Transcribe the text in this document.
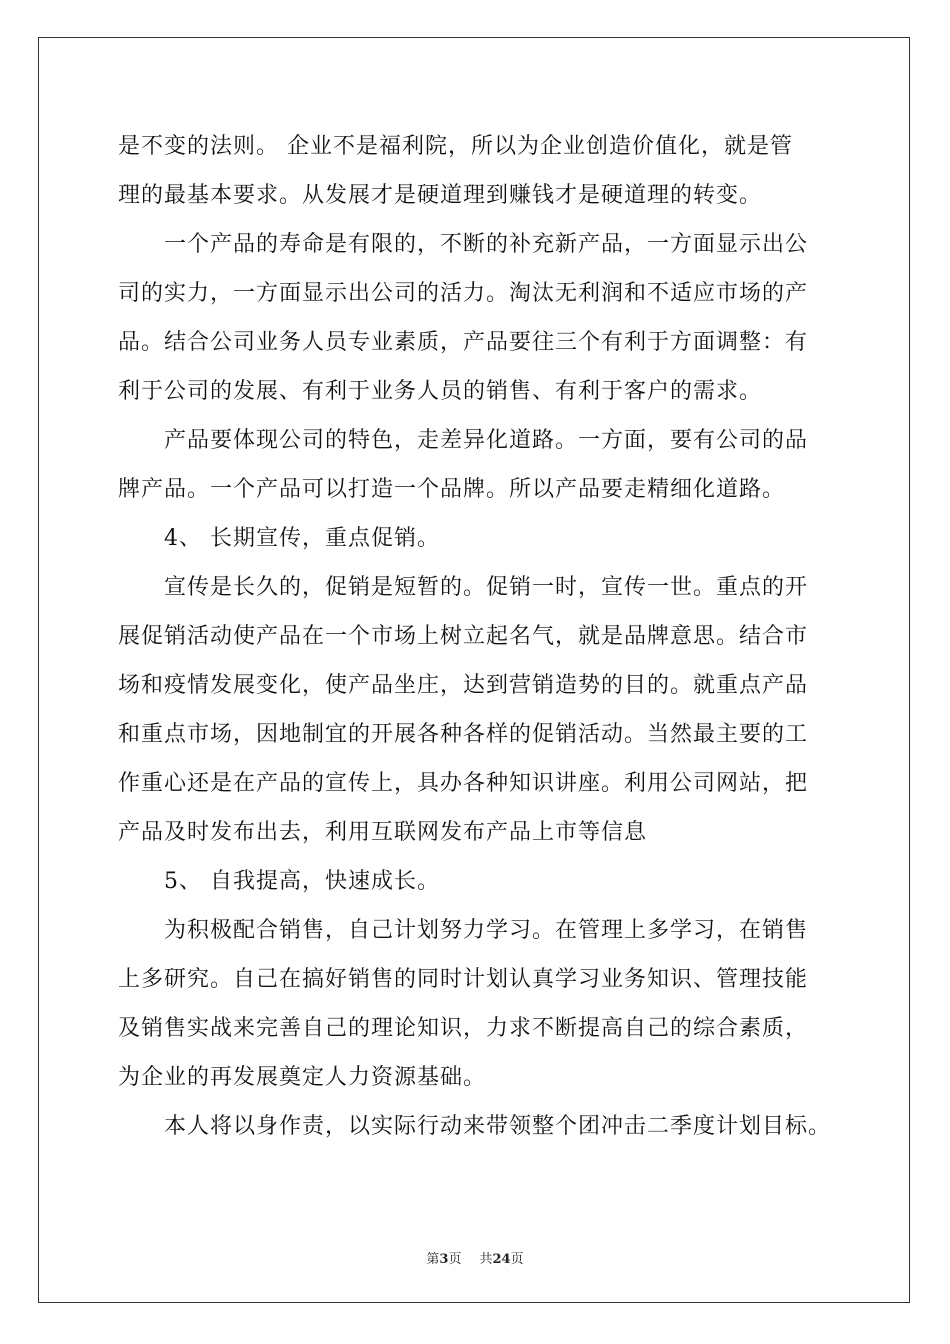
是不变的法则。 企业不是福利院，所以为企业创造价值化，就是管
理的最基本要求。从发展才是硬道理到赚钱才是硬道理的转变。
一个产品的寿命是有限的，不断的补充新产品，一方面显示出公
司的实力，一方面显示出公司的活力。淘汰无利润和不适应市场的产
品。结合公司业务人员专业素质，产品要往三个有利于方面调整：有
利于公司的发展、有利于业务人员的销售、有利于客户的需求。
产品要体现公司的特色，走差异化道路。一方面，要有公司的品
牌产品。一个产品可以打造一个品牌。所以产品要走精细化道路。
4、 长期宣传，重点促销。
宣传是长久的，促销是短暂的。促销一时，宣传一世。重点的开
展促销活动使产品在一个市场上树立起名气，就是品牌意思。结合市
场和疫情发展变化，使产品坐庄，达到营销造势的目的。就重点产品
和重点市场，因地制宜的开展各种各样的促销活动。当然最主要的工
作重心还是在产品的宣传上，具办各种知识讲座。利用公司网站，把
产品及时发布出去，利用互联网发布产品上市等信息
5、 自我提高，快速成长。
为积极配合销售，自己计划努力学习。在管理上多学习，在销售
上多研究。自己在搞好销售的同时计划认真学习业务知识、管理技能
及销售实战来完善自己的理论知识，力求不断提高自己的综合素质，
为企业的再发展奠定人力资源基础。
本人将以身作责，以实际行动来带领整个团冲击二季度计划目标。
第3页 共24页
